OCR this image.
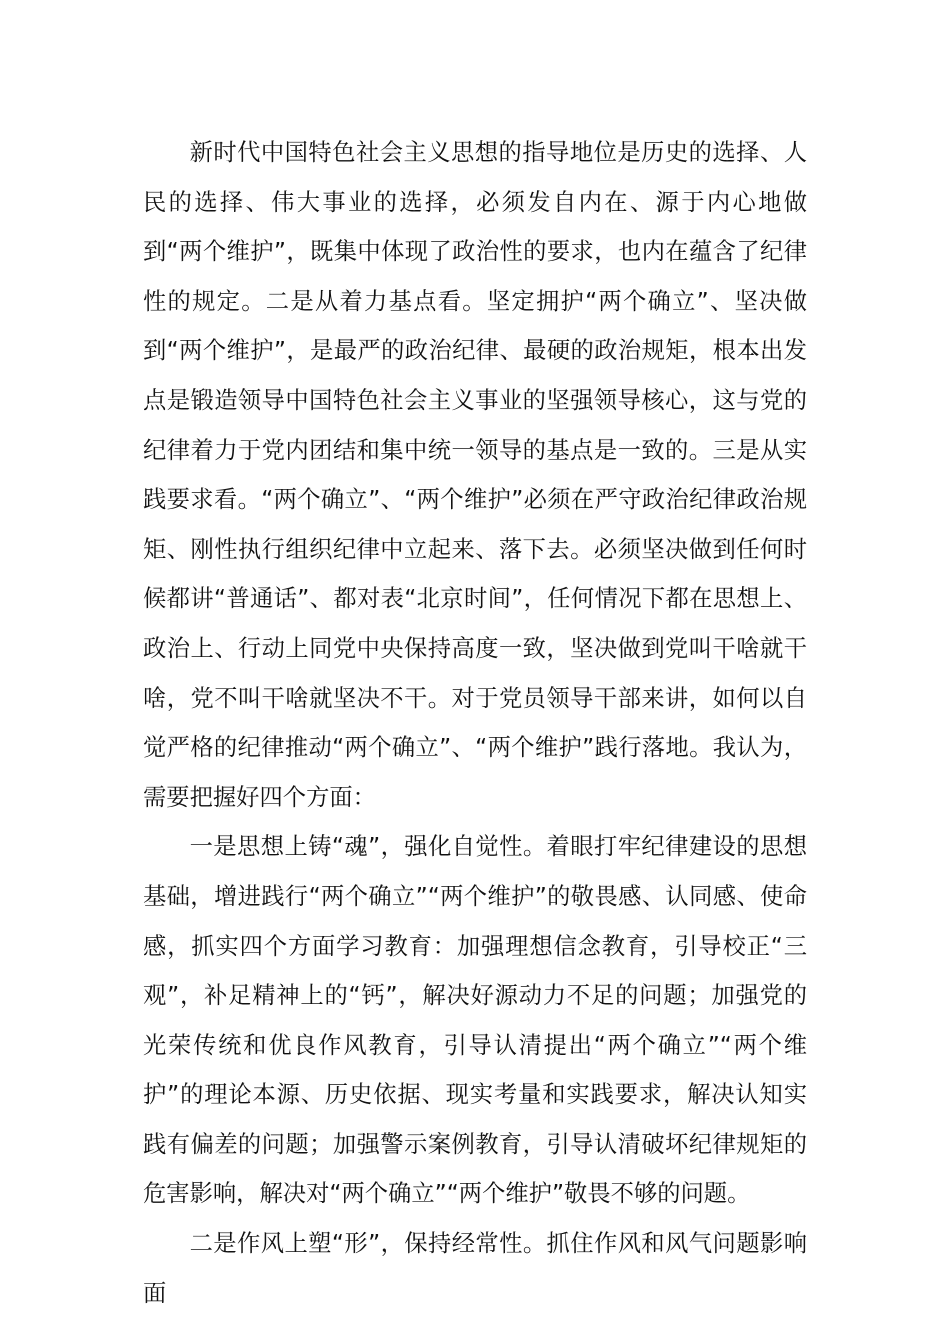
新时代中国特色社会主义思想的指导地位是历史的选择、人民的选择、伟大事业的选择，必须发自内在、源于内心地做到“两个维护”，既集中体现了政治性的要求，也内在蕴含了纪律性的规定。二是从着力基点看。坚定拥护“两个确立”、坚决做到“两个维护”，是最严的政治纪律、最硬的政治规矩，根本出发点是锻造领导中国特色社会主义事业的坚强领导核心，这与党的纪律着力于党内团结和集中统一领导的基点是一致的。三是从实践要求看。“两个确立”、“两个维护”必须在严守政治纪律政治规矩、刚性执行组织纪律中立起来、落下去。必须坚决做到任何时候都讲“普通话”、都对表“北京时间”，任何情况下都在思想上、政治上、行动上同党中央保持高度一致，坚决做到党叫干啥就干啥，党不叫干啥就坚决不干。对于党员领导干部来讲，如何以自觉严格的纪律推动“两个确立”、“两个维护”践行落地。我认为，需要把握好四个方面：

一是思想上铸“魂”，强化自觉性。着眼打牢纪律建设的思想基础，增进践行“两个确立”“两个维护”的敬畏感、认同感、使命感，抓实四个方面学习教育：加强理想信念教育，引导校正“三观”，补足精神上的“钙”，解决好源动力不足的问题；加强党的光荣传统和优良作风教育，引导认清提出“两个确立”“两个维护”的理论本源、历史依据、现实考量和实践要求，解决认知实践有偏差的问题；加强警示案例教育，引导认清破坏纪律规矩的危害影响，解决对“两个确立”“两个维护”敬畏不够的问题。

二是作风上塑“形”，保持经常性。抓住作风和风气问题影响面
